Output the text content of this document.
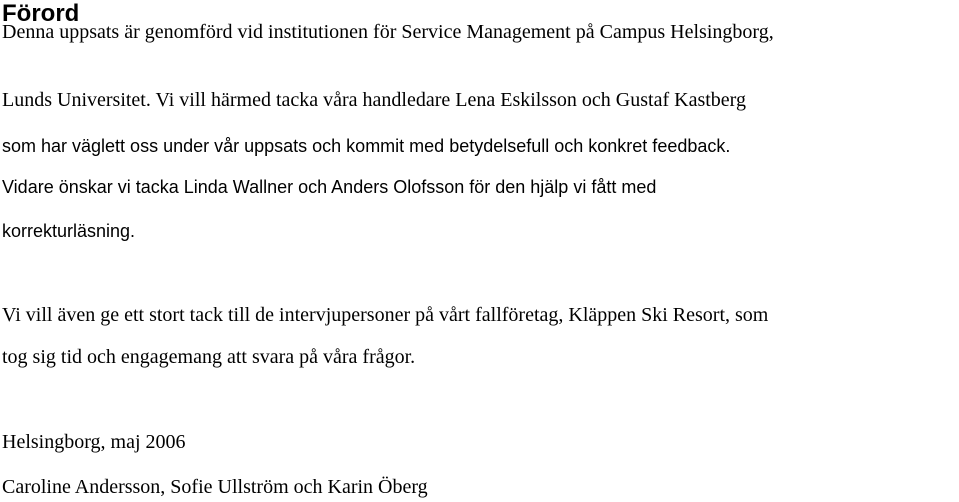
Förord
Denna uppsats är genomförd vid institutionen för Service Management på Campus Helsingborg,
Lunds Universitet. Vi vill härmed tacka våra handledare Lena Eskilsson och Gustaf Kastberg
som har väglett oss under vår uppsats och kommit med betydelsefull och konkret feedback.
Vidare önskar vi tacka Linda Wallner och Anders Olofsson för den hjälp vi fått med
korrekturläsning.
Vi vill även ge ett stort tack till de intervjupersoner på vårt fallföretag, Kläppen Ski Resort, som
tog sig tid och engagemang att svara på våra frågor.
Helsingborg, maj 2006
Caroline Andersson, Sofie Ullström och Karin Öberg
